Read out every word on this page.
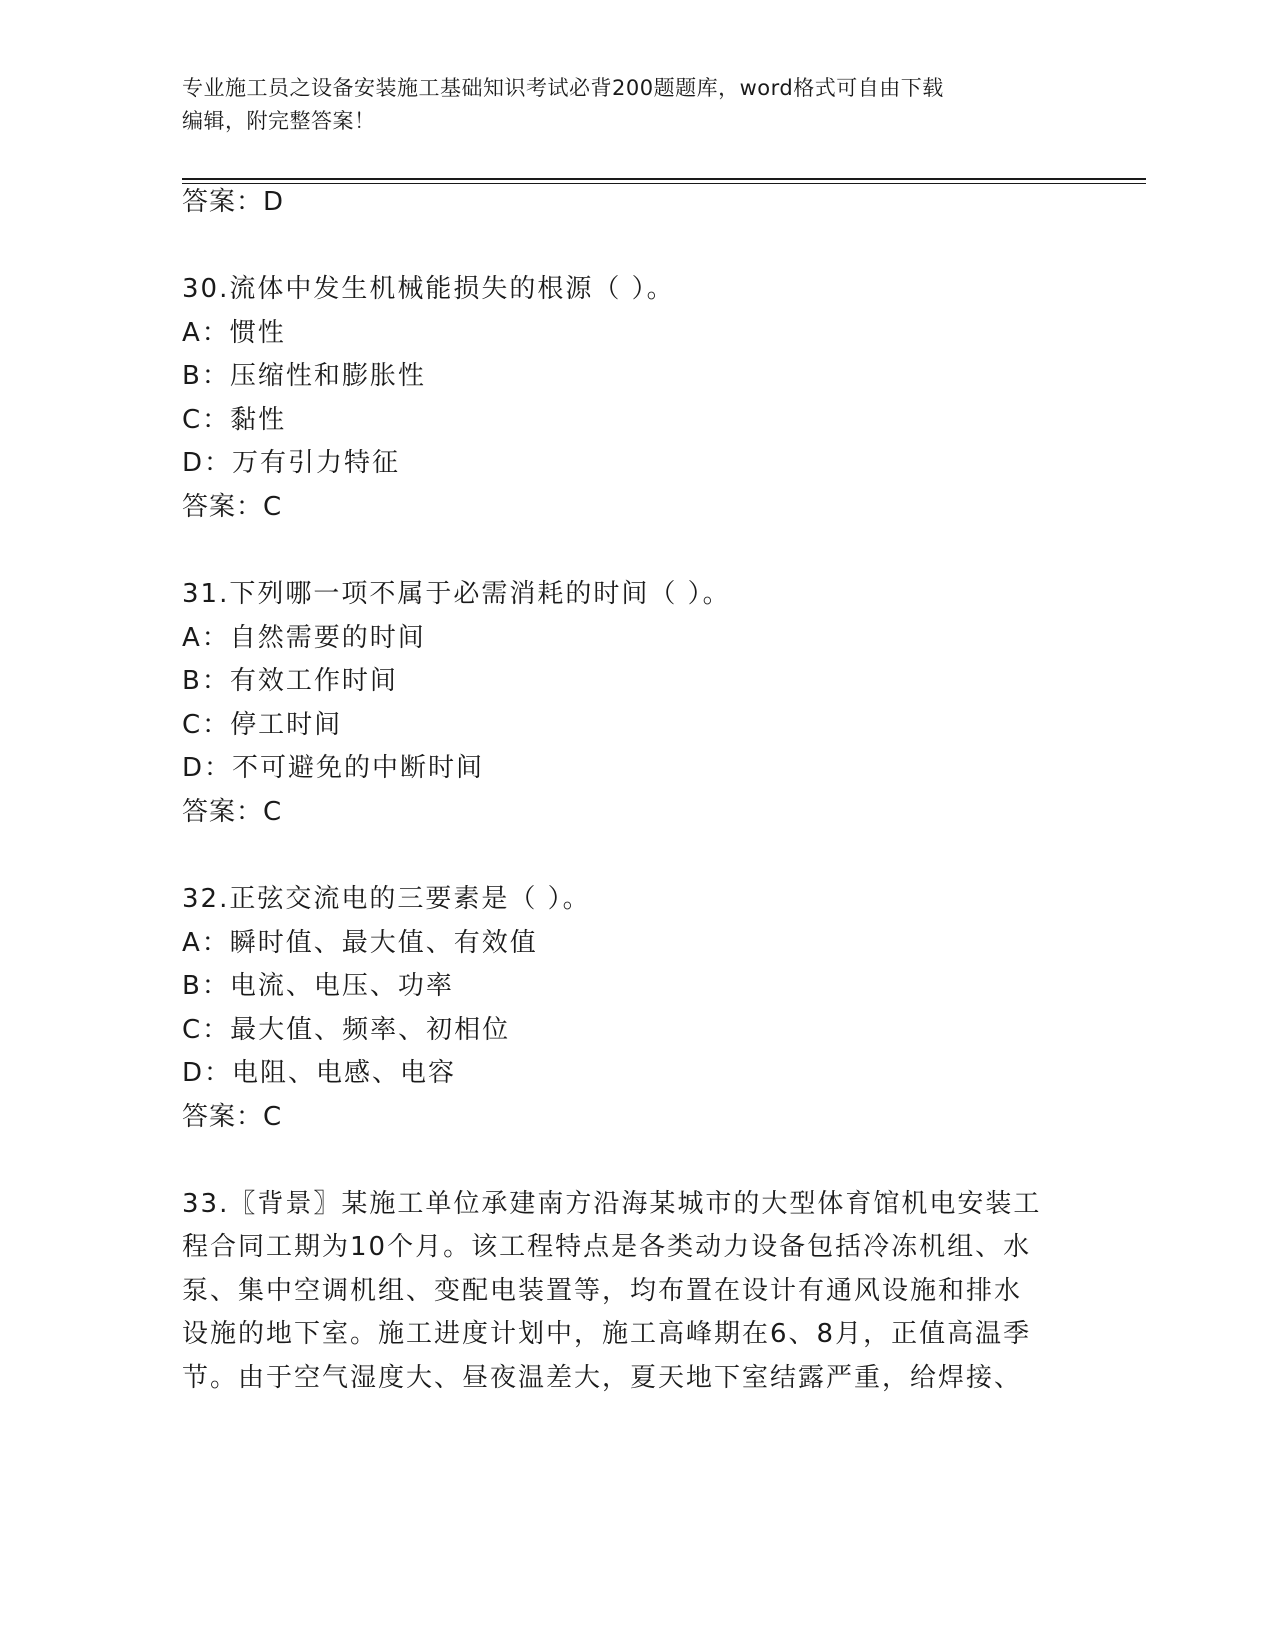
专业施工员之设备安装施工基础知识考试必背200题题库，word格式可自由下载
编辑，附完整答案！
答案：D
30.流体中发生机械能损失的根源（ ）。
A：惯性
B：压缩性和膨胀性
C：黏性
D：万有引力特征
答案：C
31.下列哪一项不属于必需消耗的时间（ ）。
A：自然需要的时间
B：有效工作时间
C：停工时间
D：不可避免的中断时间
答案：C
32.正弦交流电的三要素是（ ）。
A：瞬时值、最大值、有效值
B：电流、电压、功率
C：最大值、频率、初相位
D：电阻、电感、电容
答案：C
33.〖背景〗某施工单位承建南方沿海某城市的大型体育馆机电安装工
程合同工期为10个月。该工程特点是各类动力设备包括冷冻机组、水
泵、集中空调机组、变配电装置等，均布置在设计有通风设施和排水
设施的地下室。施工进度计划中，施工高峰期在6、8月，正值高温季
节。由于空气湿度大、昼夜温差大，夏天地下室结露严重，给焊接、
